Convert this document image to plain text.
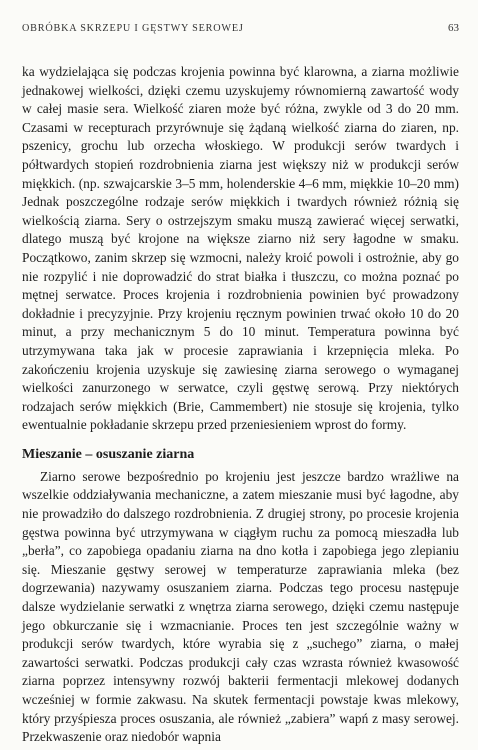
OBRÓBKA SKRZEPU I GĘSTWY SEROWEJ	63

ka wydzielająca się podczas krojenia powinna być klarowna, a ziarna możliwie jednakowej wielkości, dzięki czemu uzyskujemy równomierną zawartość wody w całej masie sera. Wielkość ziaren może być różna, zwykle od 3 do 20 mm. Czasami w recepturach przyrównuje się żądaną wielkość ziarna do ziaren, np. pszenicy, grochu lub orzecha włoskiego. W produkcji serów twardych i półtwardych stopień rozdrobnienia ziarna jest większy niż w produkcji serów miękkich. (np. szwajcarskie 3–5 mm, holenderskie 4–6 mm, miękkie 10–20 mm) Jednak poszczególne rodzaje serów miękkich i twardych również różnią się wielkością ziarna. Sery o ostrzejszym smaku muszą zawierać więcej serwatki, dlatego muszą być krojone na większe ziarno niż sery łagodne w smaku. Początkowo, zanim skrzep się wzmocni, należy kroić powoli i ostrożnie, aby go nie rozpylić i nie doprowadzić do strat białka i tłuszczu, co można poznać po mętnej serwatce. Proces krojenia i rozdrobnienia powinien być prowadzony dokładnie i precyzyjnie. Przy krojeniu ręcznym powinien trwać około 10 do 20 minut, a przy mechanicznym 5 do 10 minut. Temperatura powinna być utrzymywana taka jak w procesie zaprawiania i krzepnięcia mleka. Po zakończeniu krojenia uzyskuje się zawiesinę ziarna serowego o wymaganej wielkości zanurzonego w serwatce, czyli gęstwę serową. Przy niektórych rodzajach serów miękkich (Brie, Cammembert) nie stosuje się krojenia, tylko ewentualnie pokładanie skrzepu przed przeniesieniem wprost do formy.

Mieszanie – osuszanie ziarna

Ziarno serowe bezpośrednio po krojeniu jest jeszcze bardzo wrażliwe na wszelkie oddziaływania mechaniczne, a zatem mieszanie musi być łagodne, aby nie prowadziło do dalszego rozdrobnienia. Z drugiej strony, po procesie krojenia gęstwa powinna być utrzymywana w ciągłym ruchu za pomocą mieszadła lub „berła”, co zapobiega opadaniu ziarna na dno kotła i zapobiega jego zlepianiu się. Mieszanie gęstwy serowej w temperaturze zaprawiania mleka (bez dogrzewania) nazywamy osuszaniem ziarna. Podczas tego procesu następuje dalsze wydzielanie serwatki z wnętrza ziarna serowego, dzięki czemu następuje jego obkurczanie się i wzmacnianie. Proces ten jest szczególnie ważny w produkcji serów twardych, które wyrabia się z „suchego” ziarna, o małej zawartości serwatki. Podczas produkcji cały czas wzrasta również kwasowość ziarna poprzez intensywny rozwój bakterii fermentacji mlekowej dodanych wcześniej w formie zakwasu. Na skutek fermentacji powstaje kwas mlekowy, który przyśpiesza proces osuszania, ale również „zabiera” wapń z masy serowej. Przekwaszenie oraz niedobór wapnia
